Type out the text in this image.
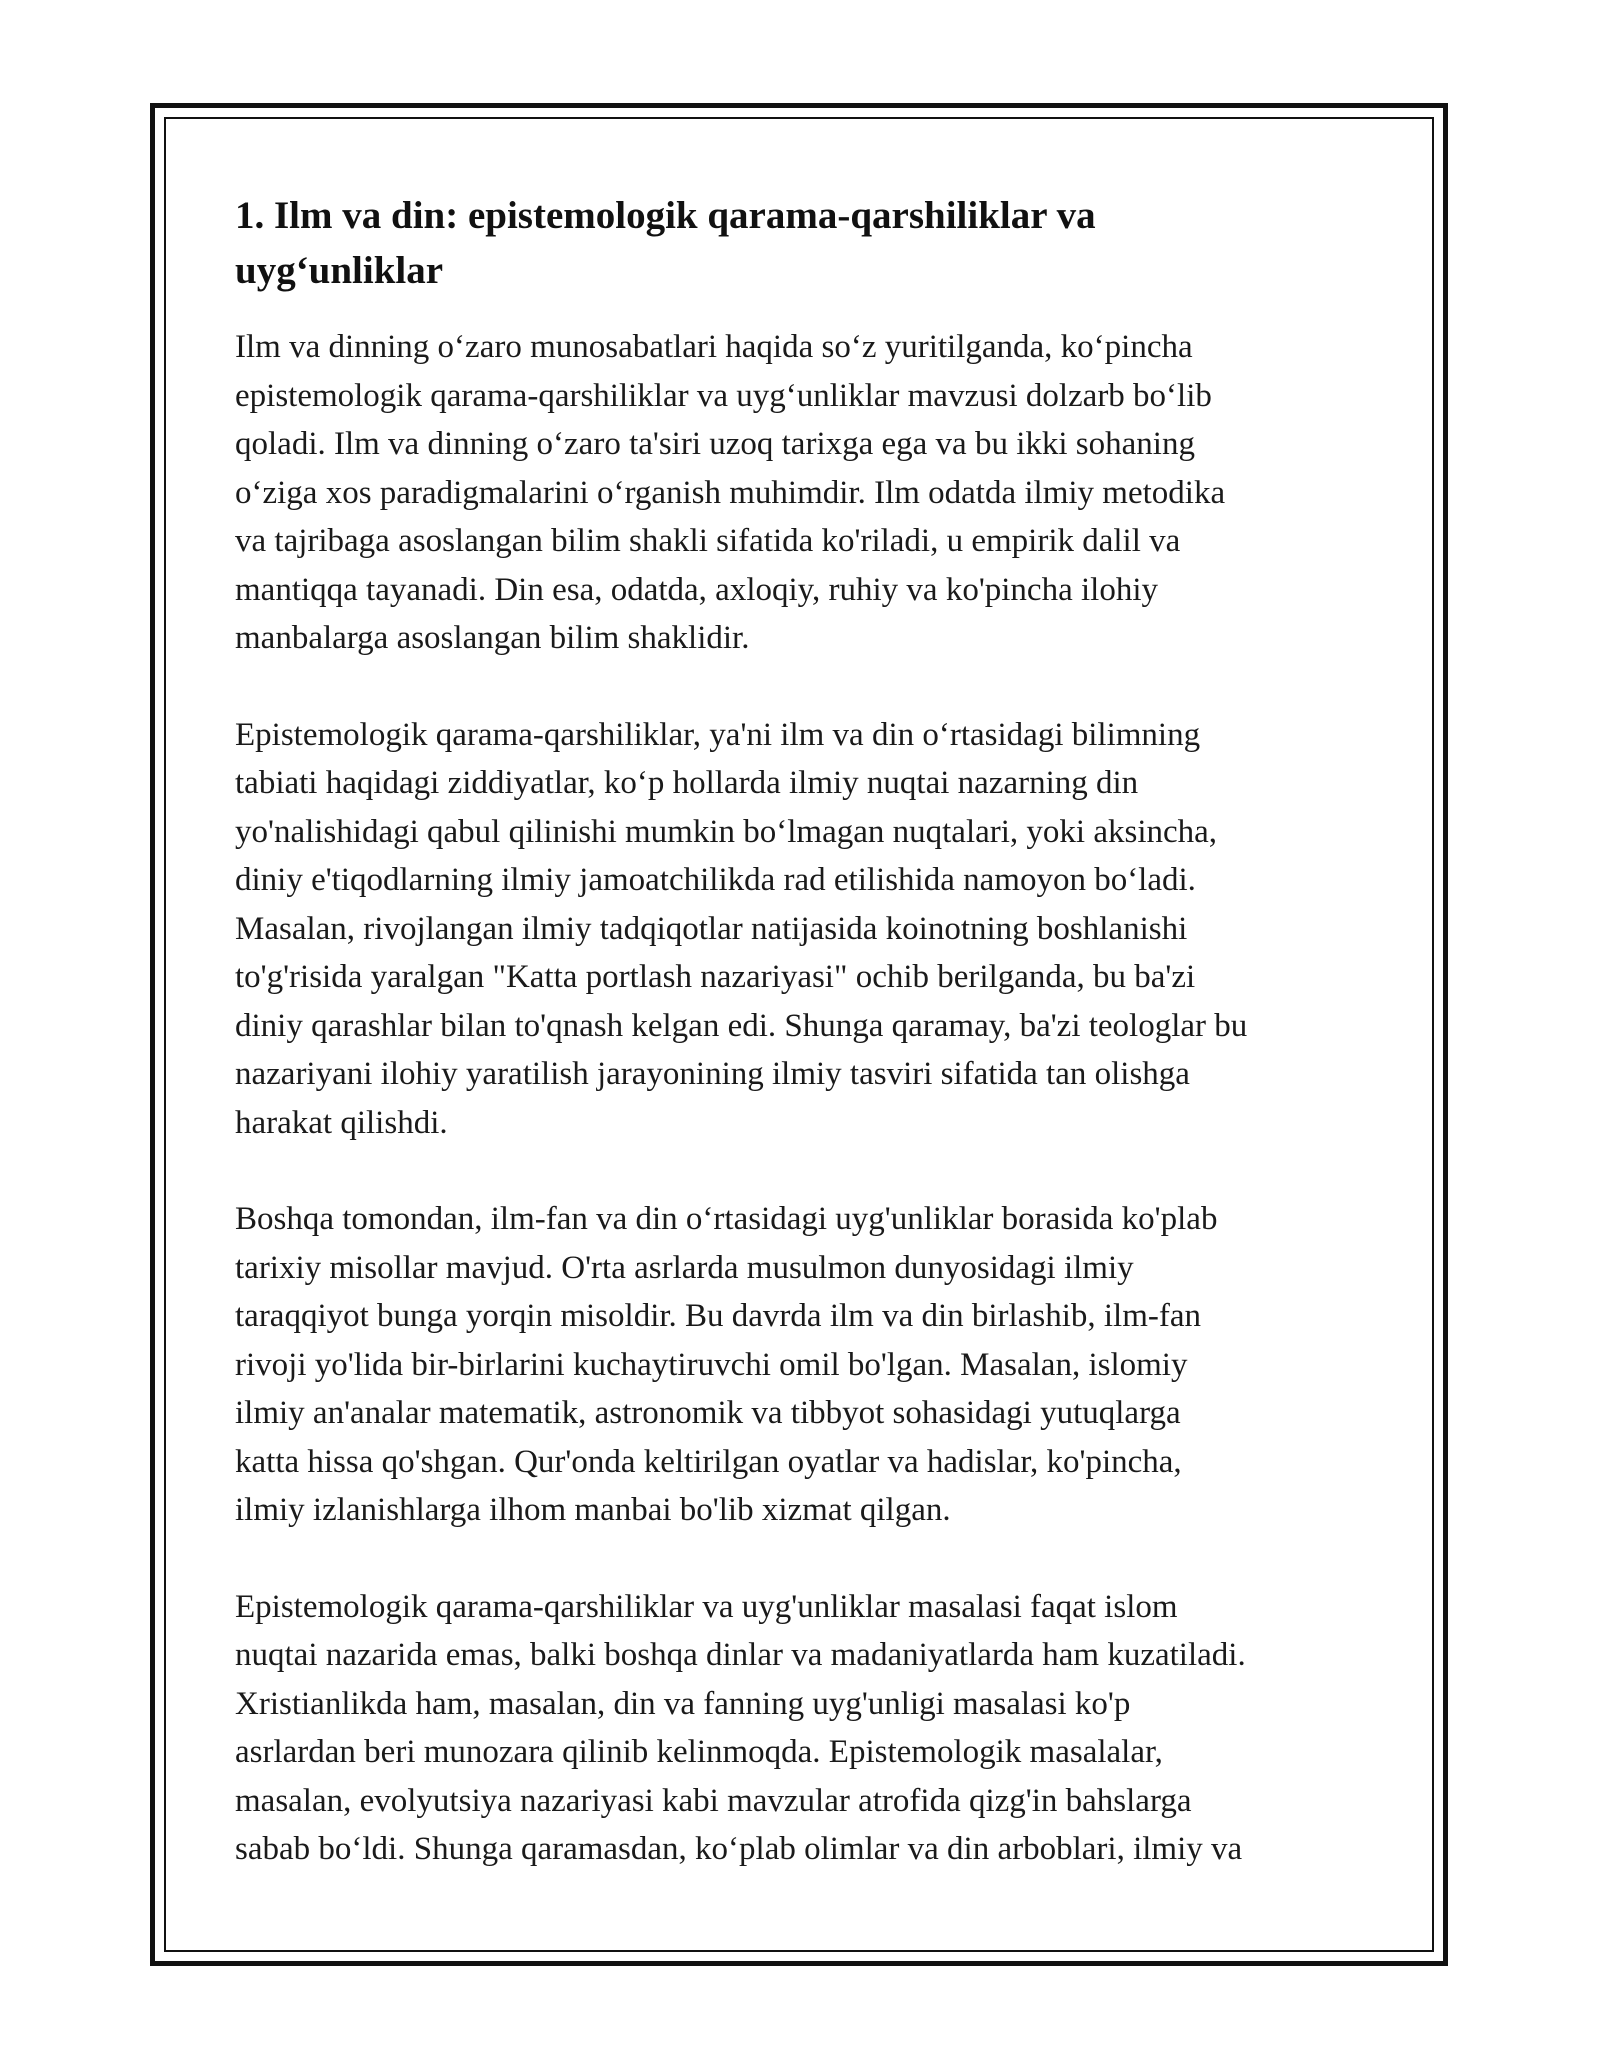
1. Ilm va din: epistemologik qarama-qarshiliklar va
uygʻunliklar

Ilm va dinning oʻzaro munosabatlari haqida soʻz yuritilganda, koʻpincha
epistemologik qarama-qarshiliklar va uygʻunliklar mavzusi dolzarb boʻlib
qoladi. Ilm va dinning oʻzaro ta'siri uzoq tarixga ega va bu ikki sohaning
oʻziga xos paradigmalarini oʻrganish muhimdir. Ilm odatda ilmiy metodika
va tajribaga asoslangan bilim shakli sifatida ko'riladi, u empirik dalil va
mantiqqa tayanadi. Din esa, odatda, axloqiy, ruhiy va ko'pincha ilohiy
manbalarga asoslangan bilim shaklidir.

Epistemologik qarama-qarshiliklar, ya'ni ilm va din oʻrtasidagi bilimning
tabiati haqidagi ziddiyatlar, koʻp hollarda ilmiy nuqtai nazarning din
yo'nalishidagi qabul qilinishi mumkin boʻlmagan nuqtalari, yoki aksincha,
diniy e'tiqodlarning ilmiy jamoatchilikda rad etilishida namoyon boʻladi.
Masalan, rivojlangan ilmiy tadqiqotlar natijasida koinotning boshlanishi
to'g'risida yaralgan "Katta portlash nazariyasi" ochib berilganda, bu ba'zi
diniy qarashlar bilan to'qnash kelgan edi. Shunga qaramay, ba'zi teologlar bu
nazariyani ilohiy yaratilish jarayonining ilmiy tasviri sifatida tan olishga
harakat qilishdi.

Boshqa tomondan, ilm-fan va din oʻrtasidagi uyg'unliklar borasida ko'plab
tarixiy misollar mavjud. O'rta asrlarda musulmon dunyosidagi ilmiy
taraqqiyot bunga yorqin misoldir. Bu davrda ilm va din birlashib, ilm-fan
rivoji yo'lida bir-birlarini kuchaytiruvchi omil bo'lgan. Masalan, islomiy
ilmiy an'analar matematik, astronomik va tibbyot sohasidagi yutuqlarga
katta hissa qo'shgan. Qur'onda keltirilgan oyatlar va hadislar, ko'pincha,
ilmiy izlanishlarga ilhom manbai bo'lib xizmat qilgan.

Epistemologik qarama-qarshiliklar va uyg'unliklar masalasi faqat islom
nuqtai nazarida emas, balki boshqa dinlar va madaniyatlarda ham kuzatiladi.
Xristianlikda ham, masalan, din va fanning uyg'unligi masalasi ko'p
asrlardan beri munozara qilinib kelinmoqda. Epistemologik masalalar,
masalan, evolyutsiya nazariyasi kabi mavzular atrofida qizg'in bahslarga
sabab boʻldi. Shunga qaramasdan, koʻplab olimlar va din arboblari, ilmiy va
